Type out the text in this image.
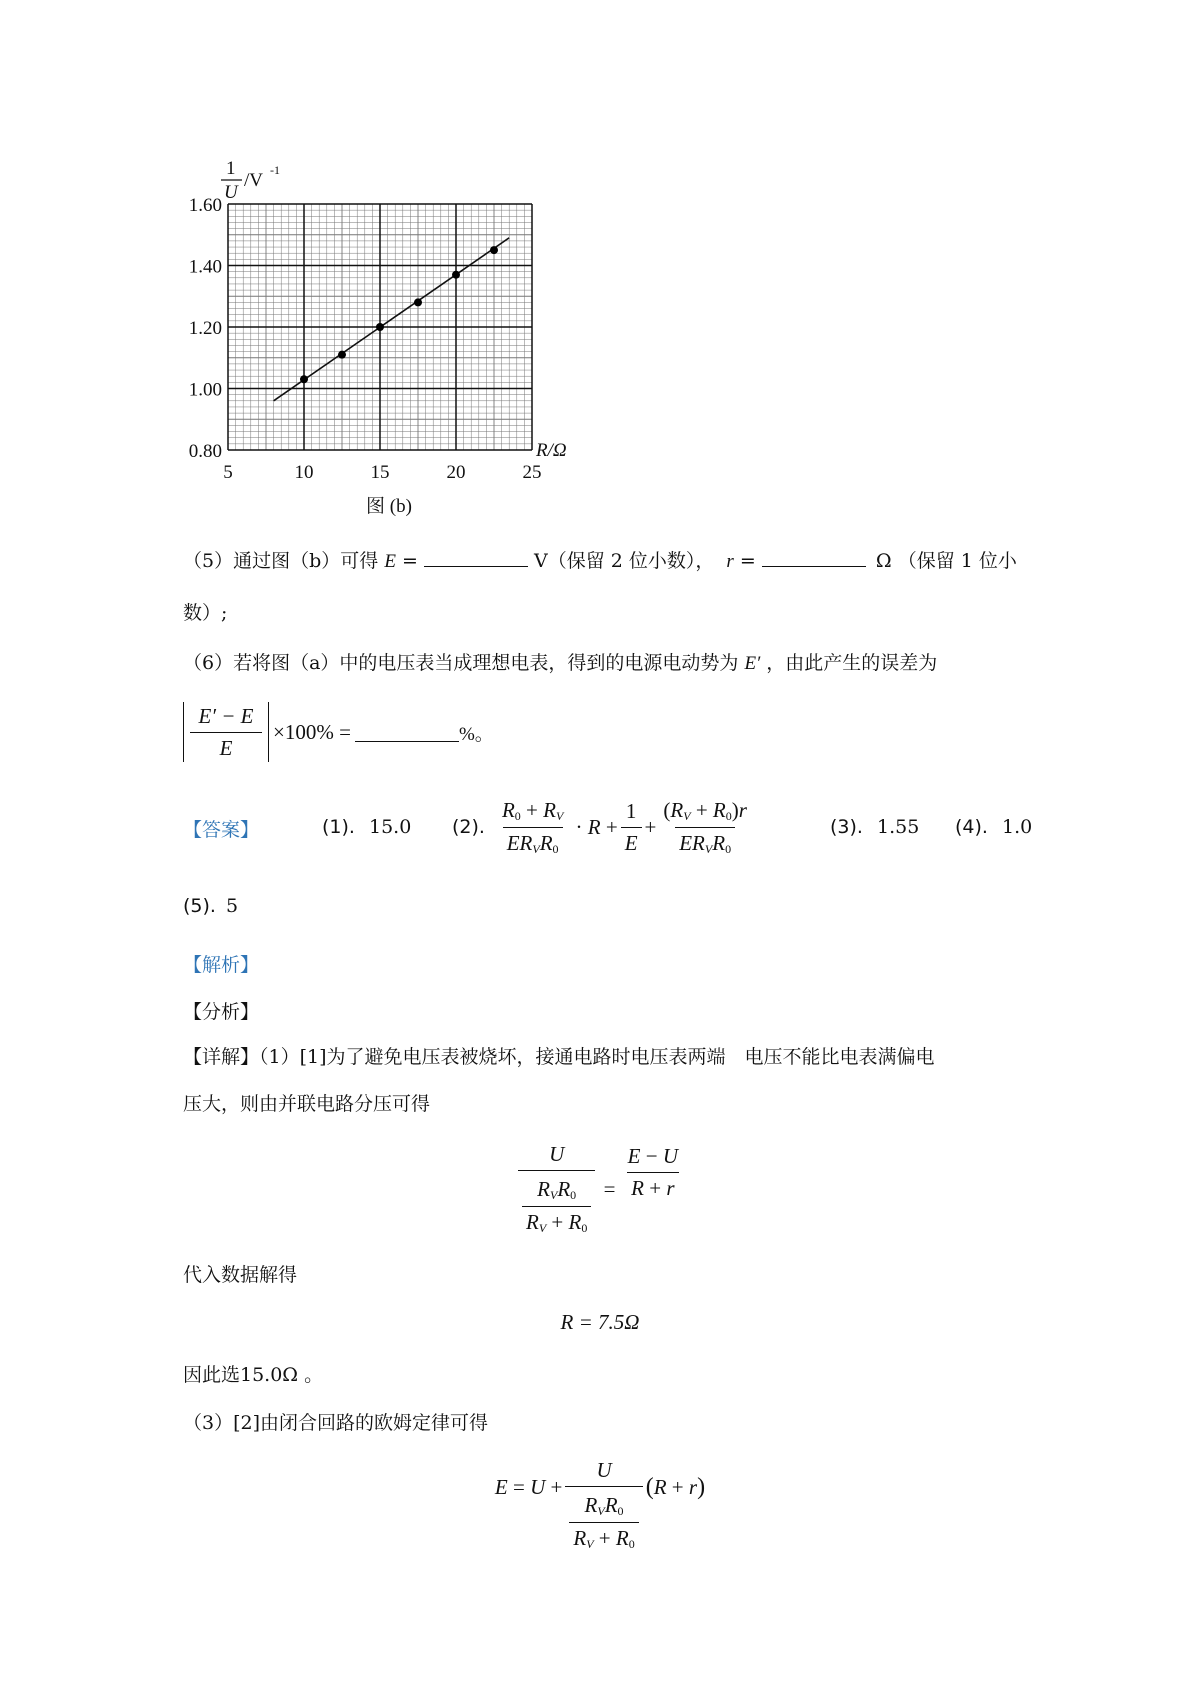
5	10	15	20	25
0.80
1.00
1.20
1.40
1.60
R/Ω
1
U
/V -1
图 (b)
（5）通过图（b）可得 E =	V（保留 2 位小数）， r =	Ω （保留 1 位小
数）;
（6）若将图（a）中的电压表当成理想电表，得到的电源电动势为 E′ ，由此产生的误差为
$\frac{E' - E}{E} \times 100\%$ =	%。
【答案】	(1). 15.0 (2). $\frac{R_0 + R_V}{ER_VR_0} \cdot R + \frac{1}{E} + \frac{(R_V + R_0)r}{ER_VR_0}$	(3). 1.55 (4). 1.0
(5). 5
【解析】
【分析】
【详解】（1）[1]为了避免电压表被烧坏，接通电路时电压表两端　电压不能比电表满偏电
压大，则由并联电路分压可得
$\frac{U}{\frac{R_VR_0}{R_V + R_0}} = \frac{E - U}{R + r}$
代入数据解得
R = 7.5Ω
因此选15.0Ω 。
（3）[2]由闭合回路的欧姆定律可得
$E = U + \frac{U}{\frac{R_VR_0}{R_V + R_0}}$ ( R + r )
